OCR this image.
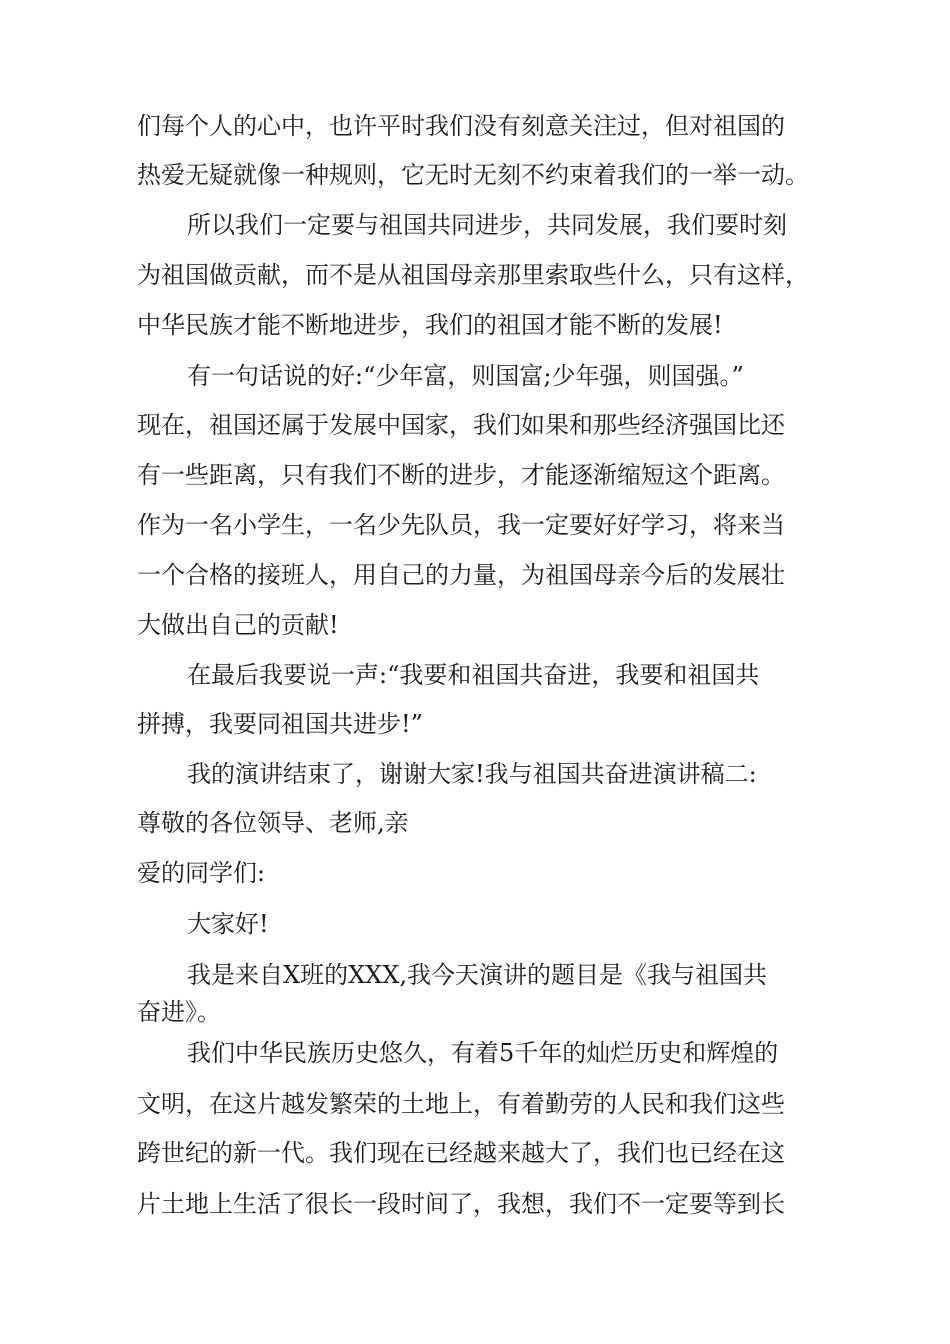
们每个人的心中，也许平时我们没有刻意关注过，但对祖国的
热爱无疑就像一种规则，它无时无刻不约束着我们的一举一动。
所以我们一定要与祖国共同进步，共同发展，我们要时刻
为祖国做贡献，而不是从祖国母亲那里索取些什么，只有这样，
中华民族才能不断地进步，我们的祖国才能不断的发展!
有一句话说的好:“少年富，则国富;少年强，则国强。”
现在，祖国还属于发展中国家，我们如果和那些经济强国比还
有一些距离，只有我们不断的进步，才能逐渐缩短这个距离。
作为一名小学生，一名少先队员，我一定要好好学习，将来当
一个合格的接班人，用自己的力量，为祖国母亲今后的发展壮
大做出自己的贡献!
在最后我要说一声:“我要和祖国共奋进，我要和祖国共
拼搏，我要同祖国共进步!”
我的演讲结束了，谢谢大家!我与祖国共奋进演讲稿二:
尊敬的各位领导、老师,亲
爱的同学们:
大家好!
我是来自X班的XXX,我今天演讲的题目是《我与祖国共
奋进》。
我们中华民族历史悠久，有着5千年的灿烂历史和辉煌的
文明，在这片越发繁荣的土地上，有着勤劳的人民和我们这些
跨世纪的新一代。我们现在已经越来越大了，我们也已经在这
片土地上生活了很长一段时间了，我想，我们不一定要等到长
